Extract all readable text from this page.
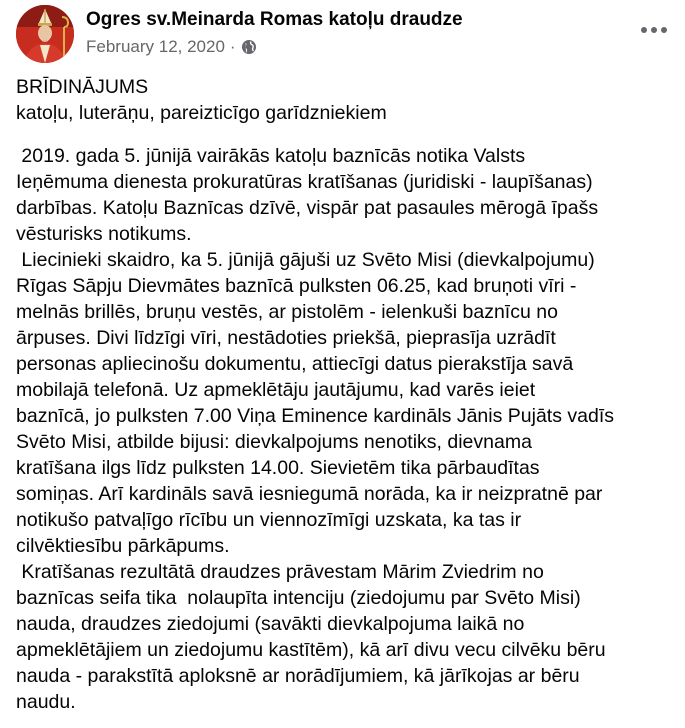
Ogres sv.Meinarda Romas katoļu draudze
February 12, 2020 ·

BRĪDINĀJUMS

katoļu, luterāņu, pareizticīgo garīdzniekiem

2019. gada 5. jūnijā vairākās katoļu baznīcās notika Valsts

Ieņēmuma dienesta prokuratūras kratīšanas (juridiski - laupīšanas)

darbības. Katoļu Baznīcas dzīvē, vispār pat pasaules mērogā īpašs

vēsturisks notikums.

Liecinieki skaidro, ka 5. jūnijā gājuši uz Svēto Misi (dievkalpojumu)

Rīgas Sāpju Dievmātes baznīcā pulksten 06.25, kad bruņoti vīri -

melnās brillēs, bruņu vestēs, ar pistolēm - ielenkuši baznīcu no

ārpuses. Divi līdzīgi vīri, nestādoties priekšā, pieprasīja uzrādīt

personas apliecinošu dokumentu, attiecīgi datus pierakstīja savā

mobilajā telefonā. Uz apmeklētāju jautājumu, kad varēs ieiet

baznīcā, jo pulksten 7.00 Viņa Eminence kardināls Jānis Pujāts vadīs

Svēto Misi, atbilde bijusi: dievkalpojums nenotiks, dievnama

kratīšana ilgs līdz pulksten 14.00. Sievietēm tika pārbaudītas

somiņas. Arī kardināls savā iesniegumā norāda, ka ir neizpratnē par

notikušo patvaļīgo rīcību un viennozīmīgi uzskata, ka tas ir

cilvēktiesību pārkāpums.

Kratīšanas rezultātā draudzes prāvestam Mārim Zviedrim no

baznīcas seifa tika  nolaupīta intenciju (ziedojumu par Svēto Misi)

nauda, draudzes ziedojumi (savākti dievkalpojuma laikā no

apmeklētājiem un ziedojumu kastītēm), kā arī divu vecu cilvēku bēru

nauda - parakstītā aploksnē ar norādījumiem, kā jārīkojas ar bēru

naudu.
